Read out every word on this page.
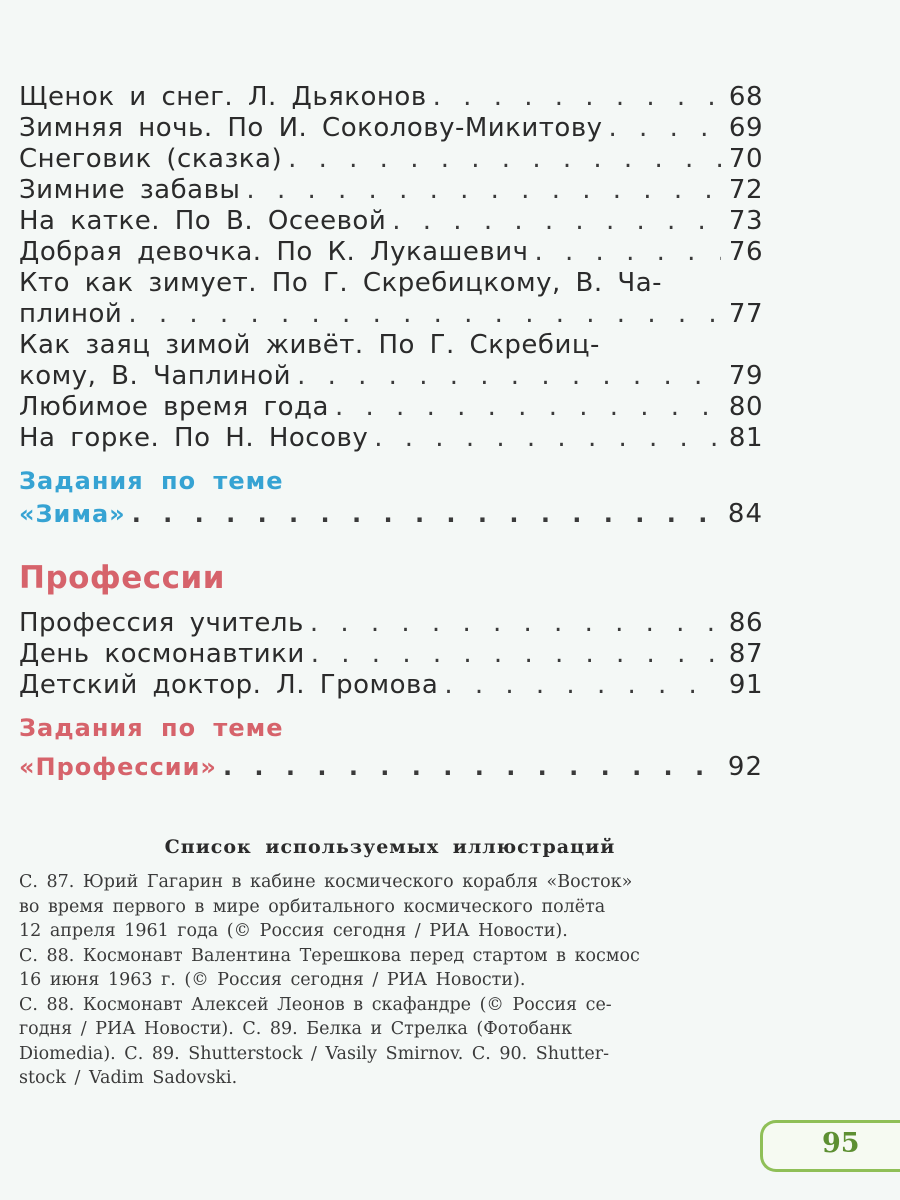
Щенок и снег. Л. Дьяконов . . .	68
Зимняя ночь. По И. Соколову-Микитову . . .	69
Снеговик (сказка) . . .	70
Зимние забавы . . .	72
На катке. По В. Осеевой . . .	73
Добрая девочка. По К. Лукашевич . . .	76
Кто как зимует. По Г. Скребицкому, В. Ча-
плиной . . .	77
Как заяц зимой живёт. По Г. Скребиц-
кому, В. Чаплиной . . .	79
Любимое время года . . .	80
На горке. По Н. Носову . . .	81
Задания по теме
«Зима» . . .	84
Профессии
Профессия учитель . . .	86
День космонавтики . . .	87
Детский доктор. Л. Громова . . .	91
Задания по теме
«Профессии» . . .	92
Список используемых иллюстраций
С. 87. Юрий Гагарин в кабине космического корабля «Восток»
во время первого в мире орбитального космического полёта
12 апреля 1961 года (© Россия сегодня / РИА Новости).
С. 88. Космонавт Валентина Терешкова перед стартом в космос
16 июня 1963 г. (© Россия сегодня / РИА Новости).
С. 88. Космонавт Алексей Леонов в скафандре (© Россия се-
годня / РИА Новости). С. 89. Белка и Стрелка (Фотобанк
Diomedia). С. 89. Shutterstock / Vasily Smirnov. С. 90. Shutter-
stock / Vadim Sadovski.
95
